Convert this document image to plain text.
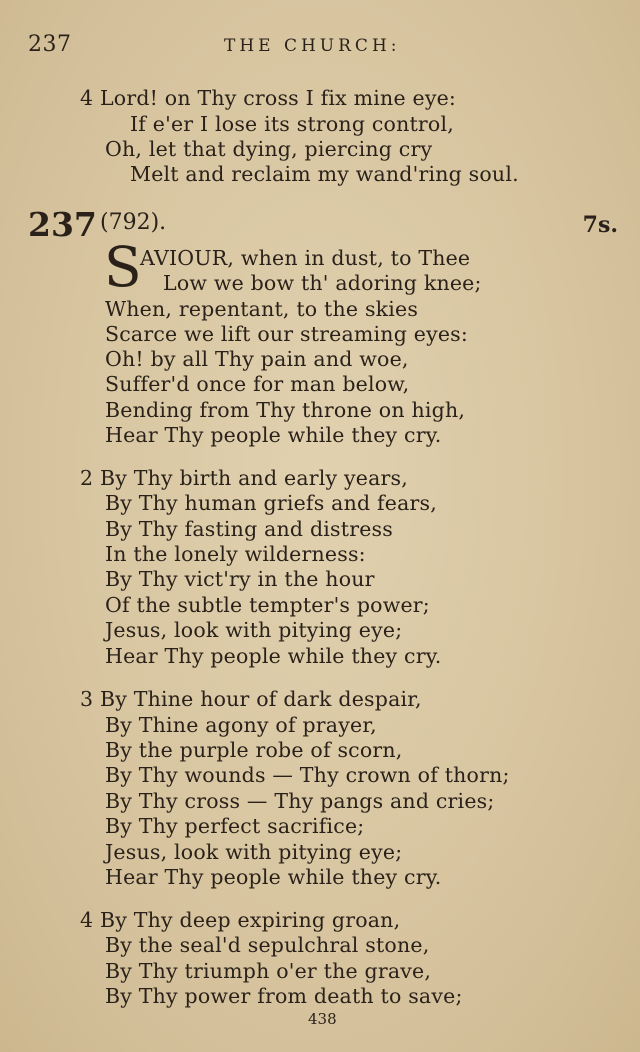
237	THE CHURCH:
4 Lord! on Thy cross I fix mine eye:
If e'er I lose its strong control,
Oh, let that dying, piercing cry
Melt and reclaim my wand'ring soul.
237 (792).	7s.
S
AVIOUR, when in dust, to Thee
Low we bow th' adoring knee;
When, repentant, to the skies
Scarce we lift our streaming eyes:
Oh! by all Thy pain and woe,
Suffer'd once for man below,
Bending from Thy throne on high,
Hear Thy people while they cry.
2 By Thy birth and early years,
By Thy human griefs and fears,
By Thy fasting and distress
In the lonely wilderness:
By Thy vict'ry in the hour
Of the subtle tempter's power;
Jesus, look with pitying eye;
Hear Thy people while they cry.
3 By Thine hour of dark despair,
By Thine agony of prayer,
By the purple robe of scorn,
By Thy wounds — Thy crown of thorn;
By Thy cross — Thy pangs and cries;
By Thy perfect sacrifice;
Jesus, look with pitying eye;
Hear Thy people while they cry.
4 By Thy deep expiring groan,
By the seal'd sepulchral stone,
By Thy triumph o'er the grave,
By Thy power from death to save;
438
